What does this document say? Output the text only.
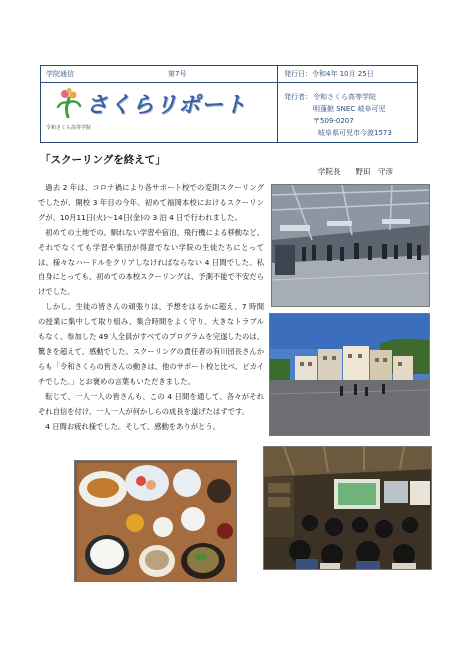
学院通信	第7号	発行日：令和4年 10月 25日
さくらリポート
令和さくら高等学院
発行者： 令和さくら高等学院
明蓬館 SNEC 岐阜可児
〒509-0207
岐阜県可児市今渡1573
「スクーリングを終えて」
学院長　　野田　守彦

過去 2 年は、コロナ禍により各サポート校での変則スクーリングでしたが、開校 3 年目の今年、初めて福岡本校におけるスクーリングが、10月11日(火)～14日(金)の 3 泊 4 日で行われました。

初めての土地での、馴れない学習や宿泊、飛行機による移動など、それでなくても学習や集団が得意でない学院の生徒たちにとっては、様々なハードルをクリアしなければならない 4 日間でした。私自身にとっても、初めての本校スクーリングは、予測不能で不安だらけでした。

しかし、生徒の皆さんの頑張りは、予想をはるかに超え、7 時間の授業に集中して取り組み、集合時間をよく守り、大きなトラブルもなく、参加した 49 人全員がすべてのプログラムを完遂したのは、驚きを超えて、感動でした。スクーリングの責任者の有川団長さんからも「令和さくらの皆さんの動きは、他のサポート校と比べ、ピカイチでした。」とお褒めの言葉もいただきました。

転じて、一人一人の皆さんも、この 4 日間を通して、各々がそれぞれ自信を付け、一人一人が何かしらの成長を遂げたはずです。

4 日間お疲れ様でした。そして、感動をありがとう。
